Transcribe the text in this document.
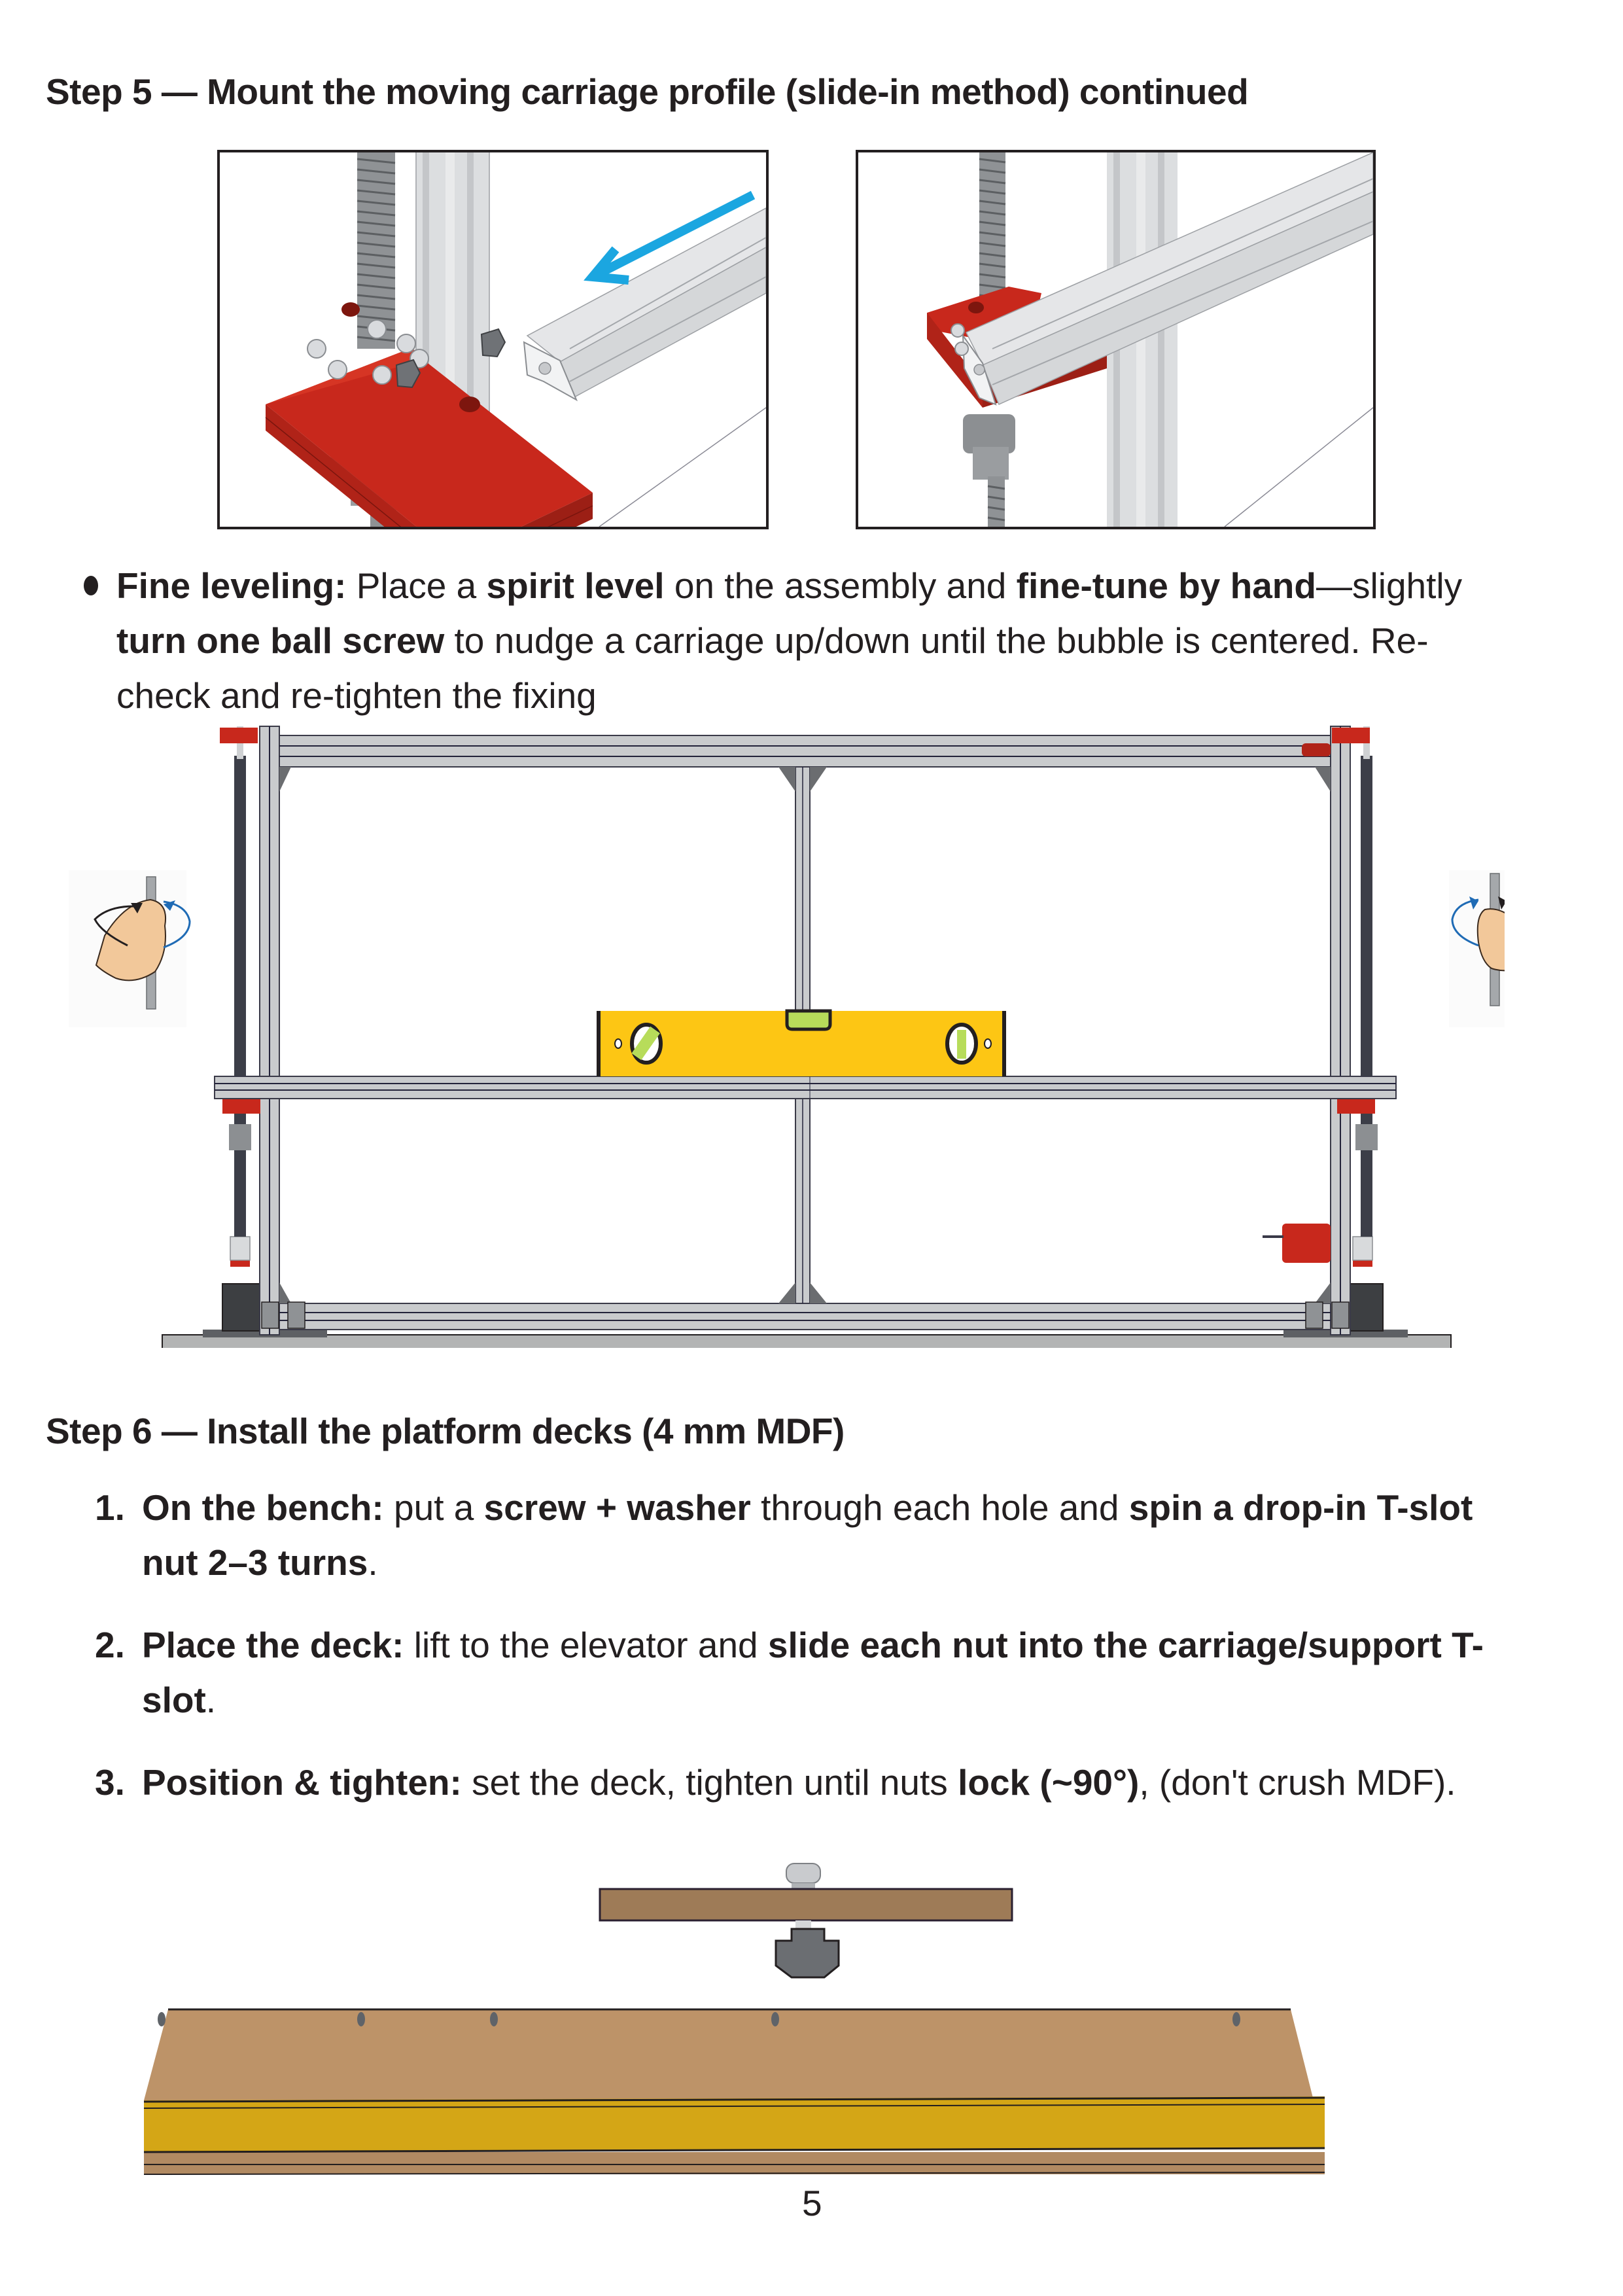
Step 5 — Mount the moving carriage profile (slide-in method) continued
Fine leveling: Place a spirit level on the assembly and fine-tune by hand—slightly
turn one ball screw to nudge a carriage up/down until the bubble is centered. Re-
check and re-tighten the fixing
Step 6 — Install the platform decks (4 mm MDF)
1. On the bench: put a screw + washer through each hole and spin a drop-in T-slot
nut 2–3 turns.
2. Place the deck: lift to the elevator and slide each nut into the carriage/support T-
slot.
3. Position & tighten: set the deck, tighten until nuts lock (~90°), (don't crush MDF).
5
